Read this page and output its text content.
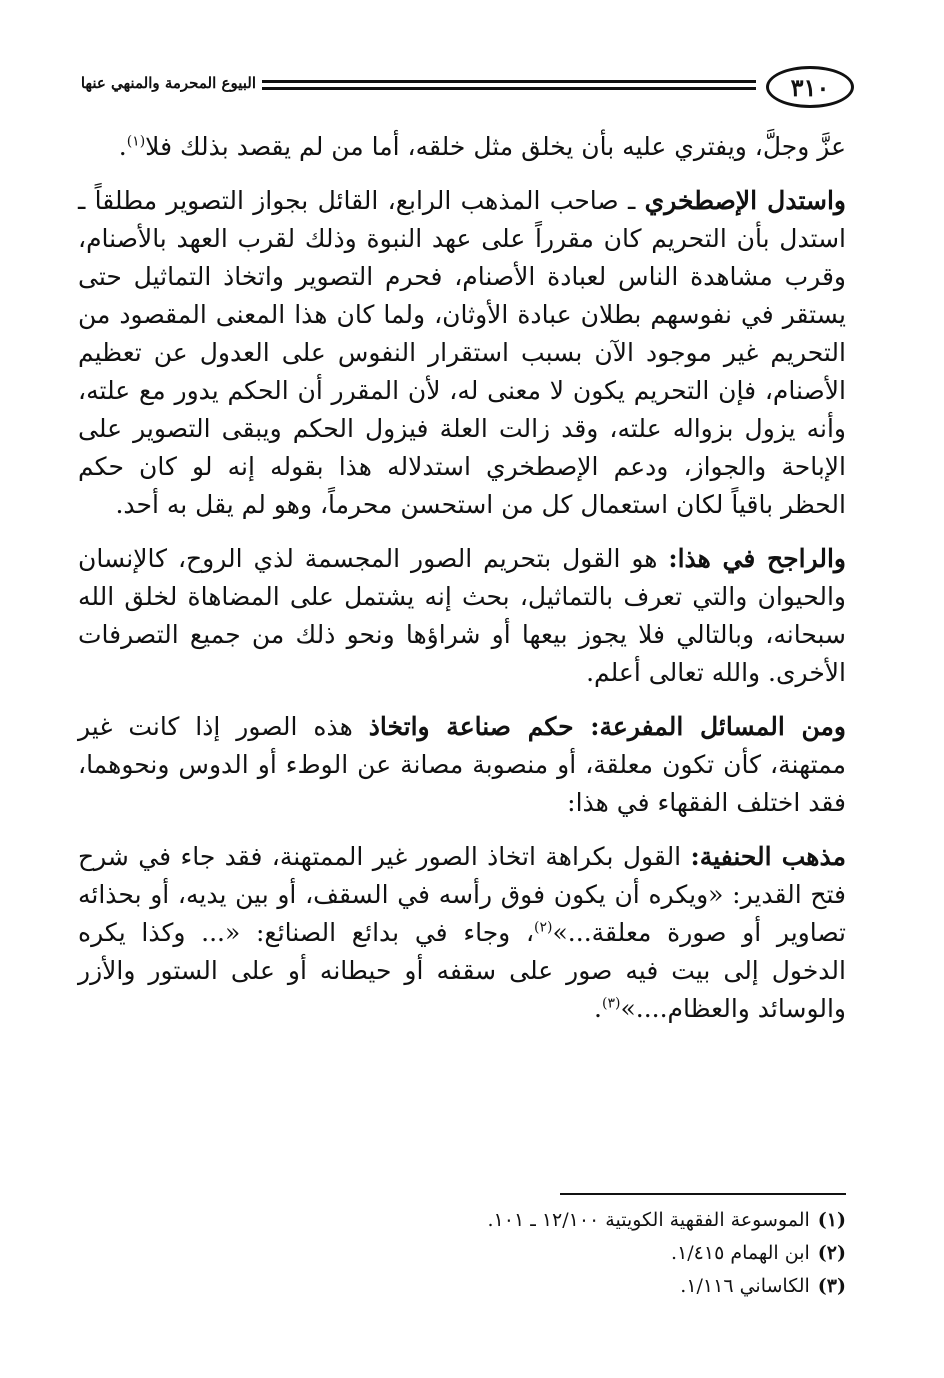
٣١٠
البيوع المحرمة والمنهي عنها

عزَّ وجلَّ، ويفتري عليه بأن يخلق مثل خلقه، أما من لم يقصد بذلك فلا$^{(١)}$.

واستدل الإصطخري ـ صاحب المذهب الرابع، القائل بجواز التصوير مطلقاً ـ استدل بأن التحريم كان مقرراً على عهد النبوة وذلك لقرب العهد بالأصنام، وقرب مشاهدة الناس لعبادة الأصنام، فحرم التصوير واتخاذ التماثيل حتى يستقر في نفوسهم بطلان عبادة الأوثان، ولما كان هذا المعنى المقصود من التحريم غير موجود الآن بسبب استقرار النفوس على العدول عن تعظيم الأصنام، فإن التحريم يكون لا معنى له، لأن المقرر أن الحكم يدور مع علته، وأنه يزول بزواله علته، وقد زالت العلة فيزول الحكم ويبقى التصوير على الإباحة والجواز، ودعم الإصطخري استدلاله هذا بقوله إنه لو كان حكم الحظر باقياً لكان استعمال كل من استحسن محرماً، وهو لم يقل به أحد.

والراجح في هذا: هو القول بتحريم الصور المجسمة لذي الروح، كالإنسان والحيوان والتي تعرف بالتماثيل، بحث إنه يشتمل على المضاهاة لخلق الله سبحانه، وبالتالي فلا يجوز بيعها أو شراؤها ونحو ذلك من جميع التصرفات الأخرى. والله تعالى أعلم.

ومن المسائل المفرعة: حكم صناعة واتخاذ هذه الصور إذا كانت غير ممتهنة، كأن تكون معلقة، أو منصوبة مصانة عن الوطء أو الدوس ونحوهما، فقد اختلف الفقهاء في هذا:

مذهب الحنفية: القول بكراهة اتخاذ الصور غير الممتهنة، فقد جاء في شرح فتح القدير: «ويكره أن يكون فوق رأسه في السقف، أو بين يديه، أو بحذائه تصاوير أو صورة معلقة...»$^{(٢)}$، وجاء في بدائع الصنائع: «... وكذا يكره الدخول إلى بيت فيه صور على سقفه أو حيطانه أو على الستور والأزر والوسائد والعظام....»$^{(٣)}$.

(١)الموسوعة الفقهية الكويتية ١٢/١٠٠ ـ ١٠١.

(٢)ابن الهمام ١/٤١٥.

(٣)الكاساني ١/١١٦.
